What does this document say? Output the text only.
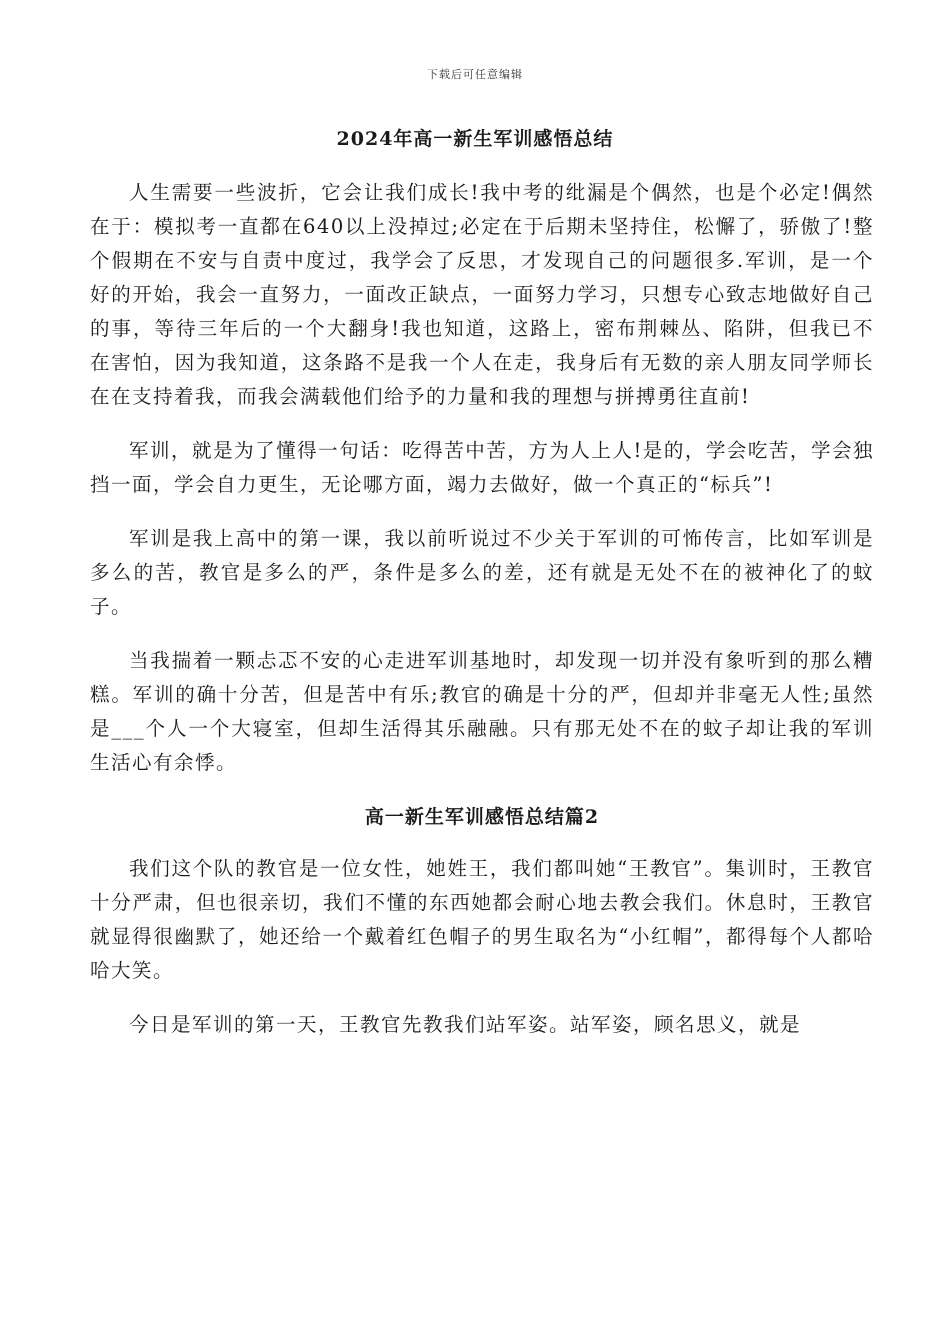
下载后可任意编辑
2024年高一新生军训感悟总结

人生需要一些波折，它会让我们成长!我中考的纰漏是个偶然，也是个必定!偶然在于：模拟考一直都在640以上没掉过;必定在于后期未坚持住，松懈了，骄傲了!整个假期在不安与自责中度过，我学会了反思，才发现自己的问题很多.军训，是一个好的开始，我会一直努力，一面改正缺点，一面努力学习，只想专心致志地做好自己的事，等待三年后的一个大翻身!我也知道，这路上，密布荆棘丛、陷阱，但我已不在害怕，因为我知道，这条路不是我一个人在走，我身后有无数的亲人朋友同学师长在在支持着我，而我会满载他们给予的力量和我的理想与拼搏勇往直前!

军训，就是为了懂得一句话：吃得苦中苦，方为人上人!是的，学会吃苦，学会独挡一面，学会自力更生，无论哪方面，竭力去做好，做一个真正的“标兵”!

军训是我上高中的第一课，我以前听说过不少关于军训的可怖传言，比如军训是多么的苦，教官是多么的严，条件是多么的差，还有就是无处不在的被神化了的蚊子。

当我揣着一颗忐忑不安的心走进军训基地时，却发现一切并没有象听到的那么糟糕。军训的确十分苦，但是苦中有乐;教官的确是十分的严，但却并非毫无人性;虽然是___个人一个大寝室，但却生活得其乐融融。只有那无处不在的蚊子却让我的军训生活心有余悸。

高一新生军训感悟总结篇2

我们这个队的教官是一位女性，她姓王，我们都叫她“王教官”。集训时，王教官十分严肃，但也很亲切，我们不懂的东西她都会耐心地去教会我们。休息时，王教官就显得很幽默了，她还给一个戴着红色帽子的男生取名为“小红帽”，都得每个人都哈哈大笑。

今日是军训的第一天，王教官先教我们站军姿。站军姿，顾名思义，就是
